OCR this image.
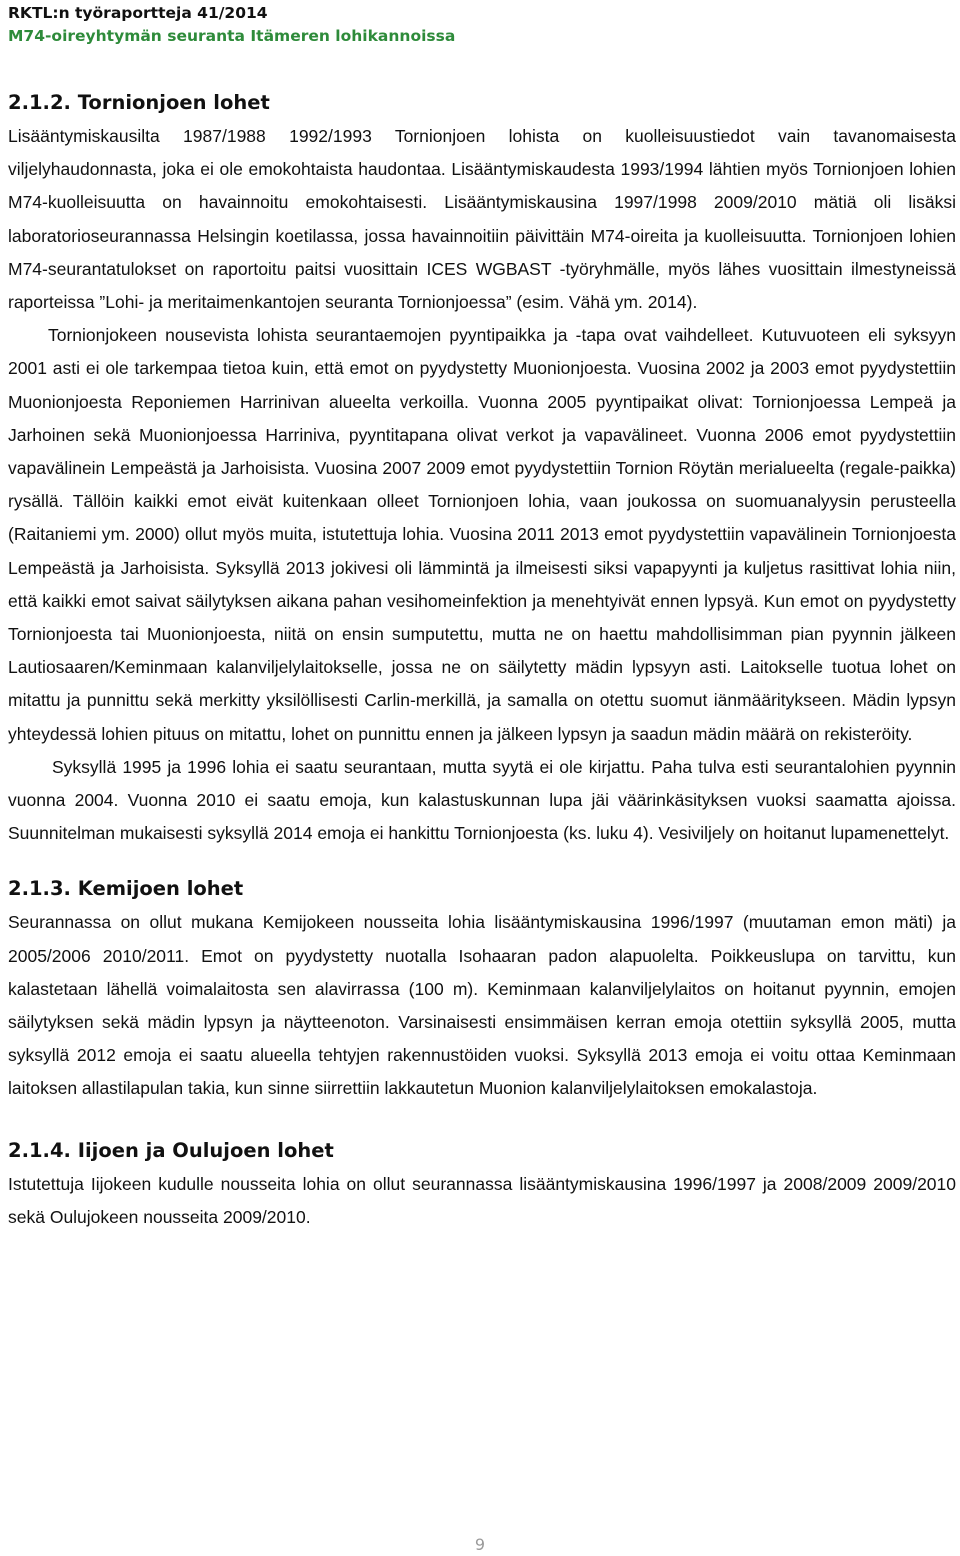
RKTL:n työraportteja 41/2014
M74-oireyhtymän seuranta Itämeren lohikannoissa
2.1.2. Tornionjoen lohet

Lisääntymiskausilta 1987/1988 1992/1993 Tornionjoen lohista on kuolleisuustiedot vain tavanomaisesta viljelyhaudonnasta, joka ei ole emokohtaista haudontaa. Lisääntymiskaudesta 1993/1994 lähtien myös Tornionjoen lohien M74-kuolleisuutta on havainnoitu emokohtaisesti. Lisääntymiskausina 1997/1998 2009/2010 mätiä oli lisäksi laboratorioseurannassa Helsingin koetilassa, jossa havainnoitiin päivittäin M74-oireita ja kuolleisuutta. Tornionjoen lohien M74-seurantatulokset on raportoitu paitsi vuosittain ICES WGBAST -työryhmälle, myös lähes vuosittain ilmestyneissä raporteissa ”Lohi- ja meritaimenkantojen seuranta Tornionjoessa” (esim. Vähä ym. 2014).

Tornionjokeen nousevista lohista seurantaemojen pyyntipaikka ja -tapa ovat vaihdelleet. Kutuvuoteen eli syksyyn 2001 asti ei ole tarkempaa tietoa kuin, että emot on pyydystetty Muonionjoesta. Vuosina 2002 ja 2003 emot pyydystettiin Muonionjoesta Reponiemen Harrinivan alueelta verkoilla. Vuonna 2005 pyyntipaikat olivat: Tornionjoessa Lempeä ja Jarhoinen sekä Muonionjoessa Harriniva, pyyntitapana olivat verkot ja vapavälineet. Vuonna 2006 emot pyydystettiin vapavälinein Lempeästä ja Jarhoisista. Vuosina 2007 2009 emot pyydystettiin Tornion Röytän merialueelta (regale-paikka) rysällä. Tällöin kaikki emot eivät kuitenkaan olleet Tornionjoen lohia, vaan joukossa on suomuanalyysin perusteella (Raitaniemi ym. 2000) ollut myös muita, istutettuja lohia. Vuosina 2011 2013 emot pyydystettiin vapavälinein Tornionjoesta Lempeästä ja Jarhoisista. Syksyllä 2013 jokivesi oli lämmintä ja ilmeisesti siksi vapapyynti ja kuljetus rasittivat lohia niin, että kaikki emot saivat säilytyksen aikana pahan vesihomeinfektion ja menehtyivät ennen lypsyä. Kun emot on pyydystetty Tornionjoesta tai Muonionjoesta, niitä on ensin sumputettu, mutta ne on haettu mahdollisimman pian pyynnin jälkeen Lautiosaaren/Keminmaan kalanviljelylaitokselle, jossa ne on säilytetty mädin lypsyyn asti. Laitokselle tuotua lohet on mitattu ja punnittu sekä merkitty yksilöllisesti Carlin-merkillä, ja samalla on otettu suomut iänmääritykseen. Mädin lypsyn yhteydessä lohien pituus on mitattu, lohet on punnittu ennen ja jälkeen lypsyn ja saadun mädin määrä on rekisteröity.

Syksyllä 1995 ja 1996 lohia ei saatu seurantaan, mutta syytä ei ole kirjattu. Paha tulva esti seurantalohien pyynnin vuonna 2004. Vuonna 2010 ei saatu emoja, kun kalastuskunnan lupa jäi väärinkäsityksen vuoksi saamatta ajoissa. Suunnitelman mukaisesti syksyllä 2014 emoja ei hankittu Tornionjoesta (ks. luku 4). Vesiviljely on hoitanut lupamenettelyt.

2.1.3. Kemijoen lohet

Seurannassa on ollut mukana Kemijokeen nousseita lohia lisääntymiskausina 1996/1997 (muutaman emon mäti) ja 2005/2006 2010/2011. Emot on pyydystetty nuotalla Isohaaran padon alapuolelta. Poikkeuslupa on tarvittu, kun kalastetaan lähellä voimalaitosta sen alavirrassa (100 m). Keminmaan kalanviljelylaitos on hoitanut pyynnin, emojen säilytyksen sekä mädin lypsyn ja näytteenoton. Varsinaisesti ensimmäisen kerran emoja otettiin syksyllä 2005, mutta syksyllä 2012 emoja ei saatu alueella tehtyjen rakennustöiden vuoksi. Syksyllä 2013 emoja ei voitu ottaa Keminmaan laitoksen allastilapulan takia, kun sinne siirrettiin lakkautetun Muonion kalanviljelylaitoksen emokalastoja.

2.1.4. Iijoen ja Oulujoen lohet

Istutettuja Iijokeen kudulle nousseita lohia on ollut seurannassa lisääntymiskausina 1996/1997 ja 2008/2009 2009/2010 sekä Oulujokeen nousseita 2009/2010.

9
